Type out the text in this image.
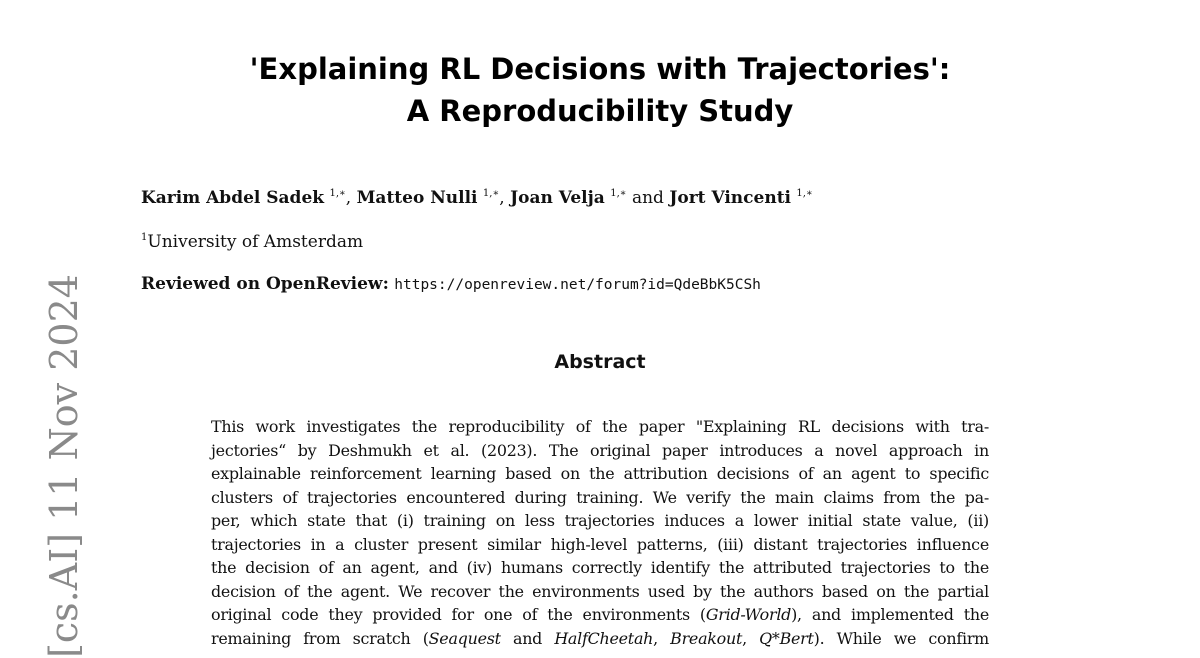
'Explaining RL Decisions with Trajectories':
A Reproducibility Study
Karim Abdel Sadek $^{1,∗}$, Matteo Nulli $^{1,∗}$, Joan Velja $^{1,∗}$ and Jort Vincenti $^{1,∗}$
$^1$University of Amsterdam
Reviewed on OpenReview: https://openreview.net/forum?id=QdeBbK5CSh
Abstract
This work investigates the reproducibility of the paper "Explaining RL decisions with tra-
jectories“ by Deshmukh et al. (2023). The original paper introduces a novel approach in
explainable reinforcement learning based on the attribution decisions of an agent to specific
clusters of trajectories encountered during training. We verify the main claims from the pa-
per, which state that (i) training on less trajectories induces a lower initial state value, (ii)
trajectories in a cluster present similar high-level patterns, (iii) distant trajectories influence
the decision of an agent, and (iv) humans correctly identify the attributed trajectories to the
decision of the agent. We recover the environments used by the authors based on the partial
original code they provided for one of the environments (Grid-World), and implemented the
remaining from scratch (Seaquest and HalfCheetah, Breakout, Q*Bert). While we confirm
[cs.AI] 11 Nov 2024
